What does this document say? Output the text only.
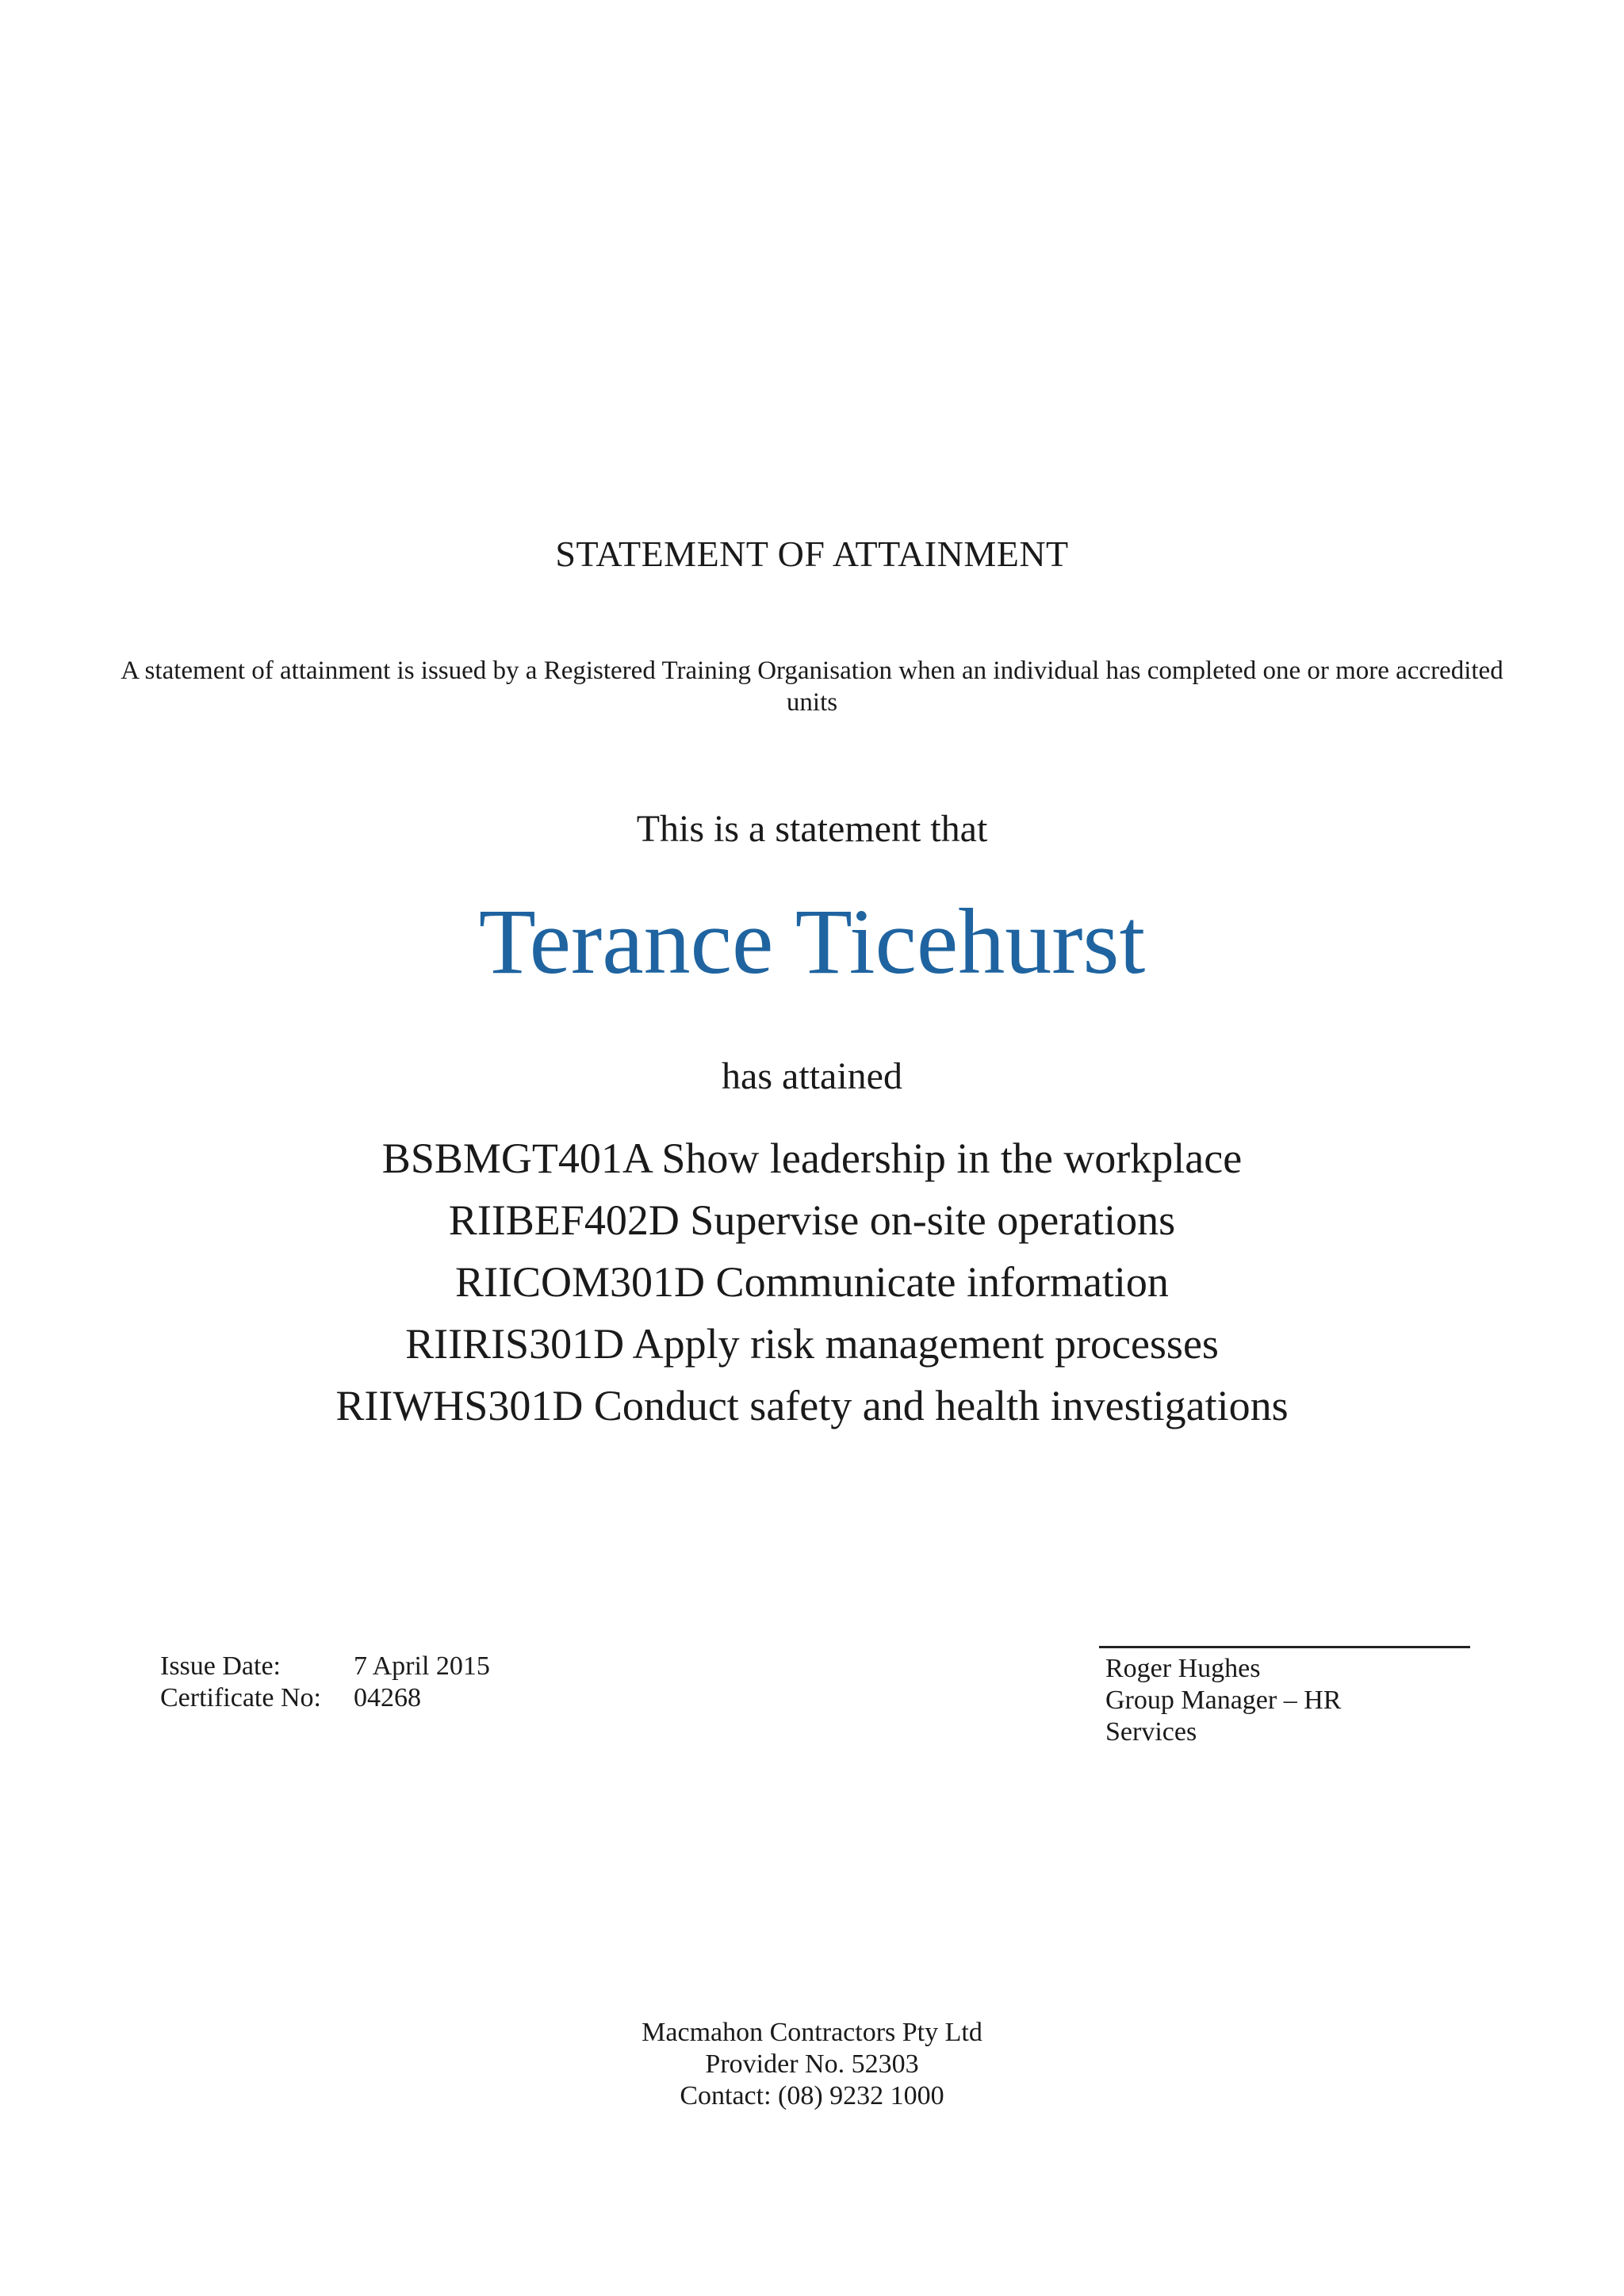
STATEMENT OF ATTAINMENT
A statement of attainment is issued by a Registered Training Organisation when an individual has completed one or more accredited units
This is a statement that
Terance Ticehurst
has attained
BSBMGT401A Show leadership in the workplace
RIIBEF402D Supervise on-site operations
RIICOM301D Communicate information
RIIRIS301D Apply risk management processes
RIIWHS301D Conduct safety and health investigations
Issue Date:	7 April 2015
Certificate No:	04268
Roger Hughes
Group Manager – HR Services
Macmahon Contractors Pty Ltd
Provider No. 52303
Contact: (08) 9232 1000
